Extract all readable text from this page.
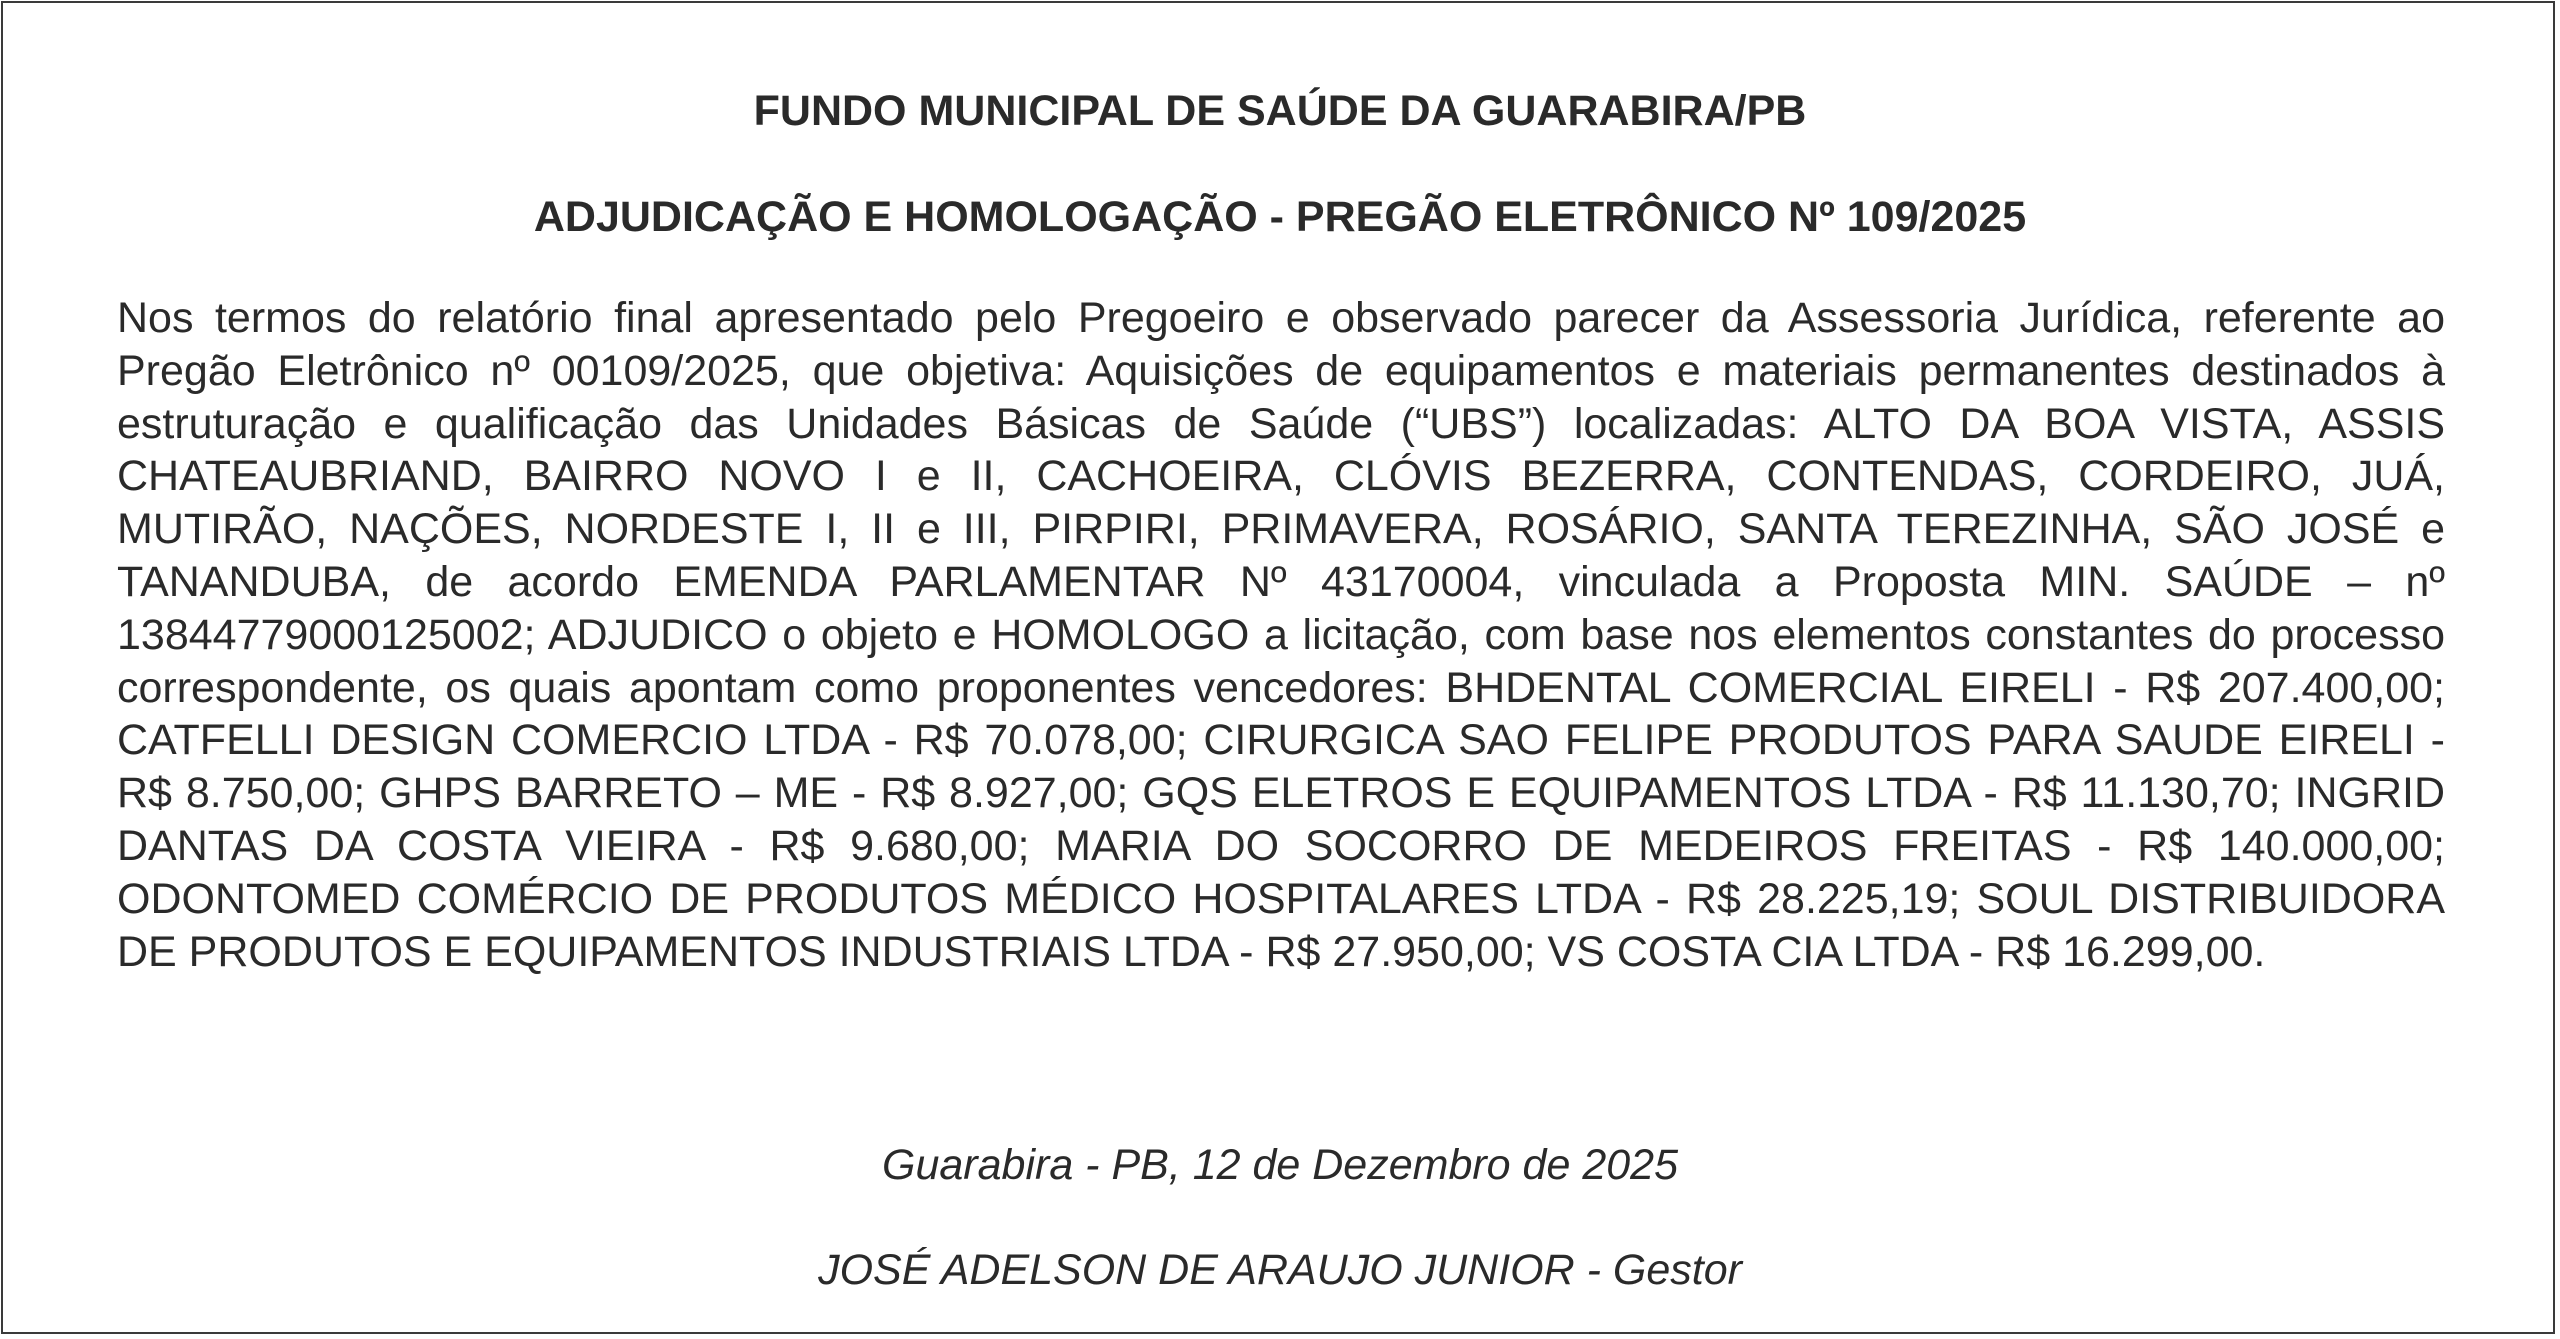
FUNDO MUNICIPAL DE SAÚDE DA GUARABIRA/PB
ADJUDICAÇÃO E HOMOLOGAÇÃO - PREGÃO ELETRÔNICO Nº 109/2025
Nos termos do relatório final apresentado pelo Pregoeiro e observado parecer da Assessoria Jurídica, referente ao Pregão Eletrônico nº 00109/2025, que objetiva: Aquisições de equipamentos e materiais permanentes destinados à estruturação e qualificação das Unidades Básicas de Saúde (“UBS”) localizadas: ALTO DA BOA VISTA, ASSIS CHATEAUBRIAND, BAIRRO NOVO I e II, CACHOEIRA, CLÓVIS BEZERRA, CONTENDAS, CORDEIRO, JUÁ, MUTIRÃO, NAÇÕES, NORDESTE I, II e III, PIRPIRI, PRIMAVERA, ROSÁRIO, SANTA TEREZINHA, SÃO JOSÉ e TANANDUBA, de acordo EMENDA PARLAMENTAR Nº 43170004, vinculada a Proposta MIN. SAÚDE – nº 13844779000125002; ADJUDICO o objeto e HOMOLOGO a licitação, com base nos elementos constantes do processo correspondente, os quais apontam como proponentes vencedores: BHDENTAL COMERCIAL EIRELI - R$ 207.400,00; CATFELLI DESIGN COMERCIO LTDA - R$ 70.078,00; CIRURGICA SAO FELIPE PRODUTOS PARA SAUDE EIRELI - R$ 8.750,00; GHPS BARRETO – ME - R$ 8.927,00; GQS ELETROS E EQUIPAMENTOS LTDA - R$ 11.130,70; INGRID DANTAS DA COSTA VIEIRA - R$ 9.680,00; MARIA DO SOCORRO DE MEDEIROS FREITAS - R$ 140.000,00; ODONTOMED COMÉRCIO DE PRODUTOS MÉDICO HOSPITALARES LTDA - R$ 28.225,19; SOUL DISTRIBUIDORA DE PRODUTOS E EQUIPAMENTOS INDUSTRIAIS LTDA - R$ 27.950,00; VS COSTA CIA LTDA - R$ 16.299,00.
Guarabira - PB, 12 de Dezembro de 2025
JOSÉ ADELSON DE ARAUJO JUNIOR - Gestor
